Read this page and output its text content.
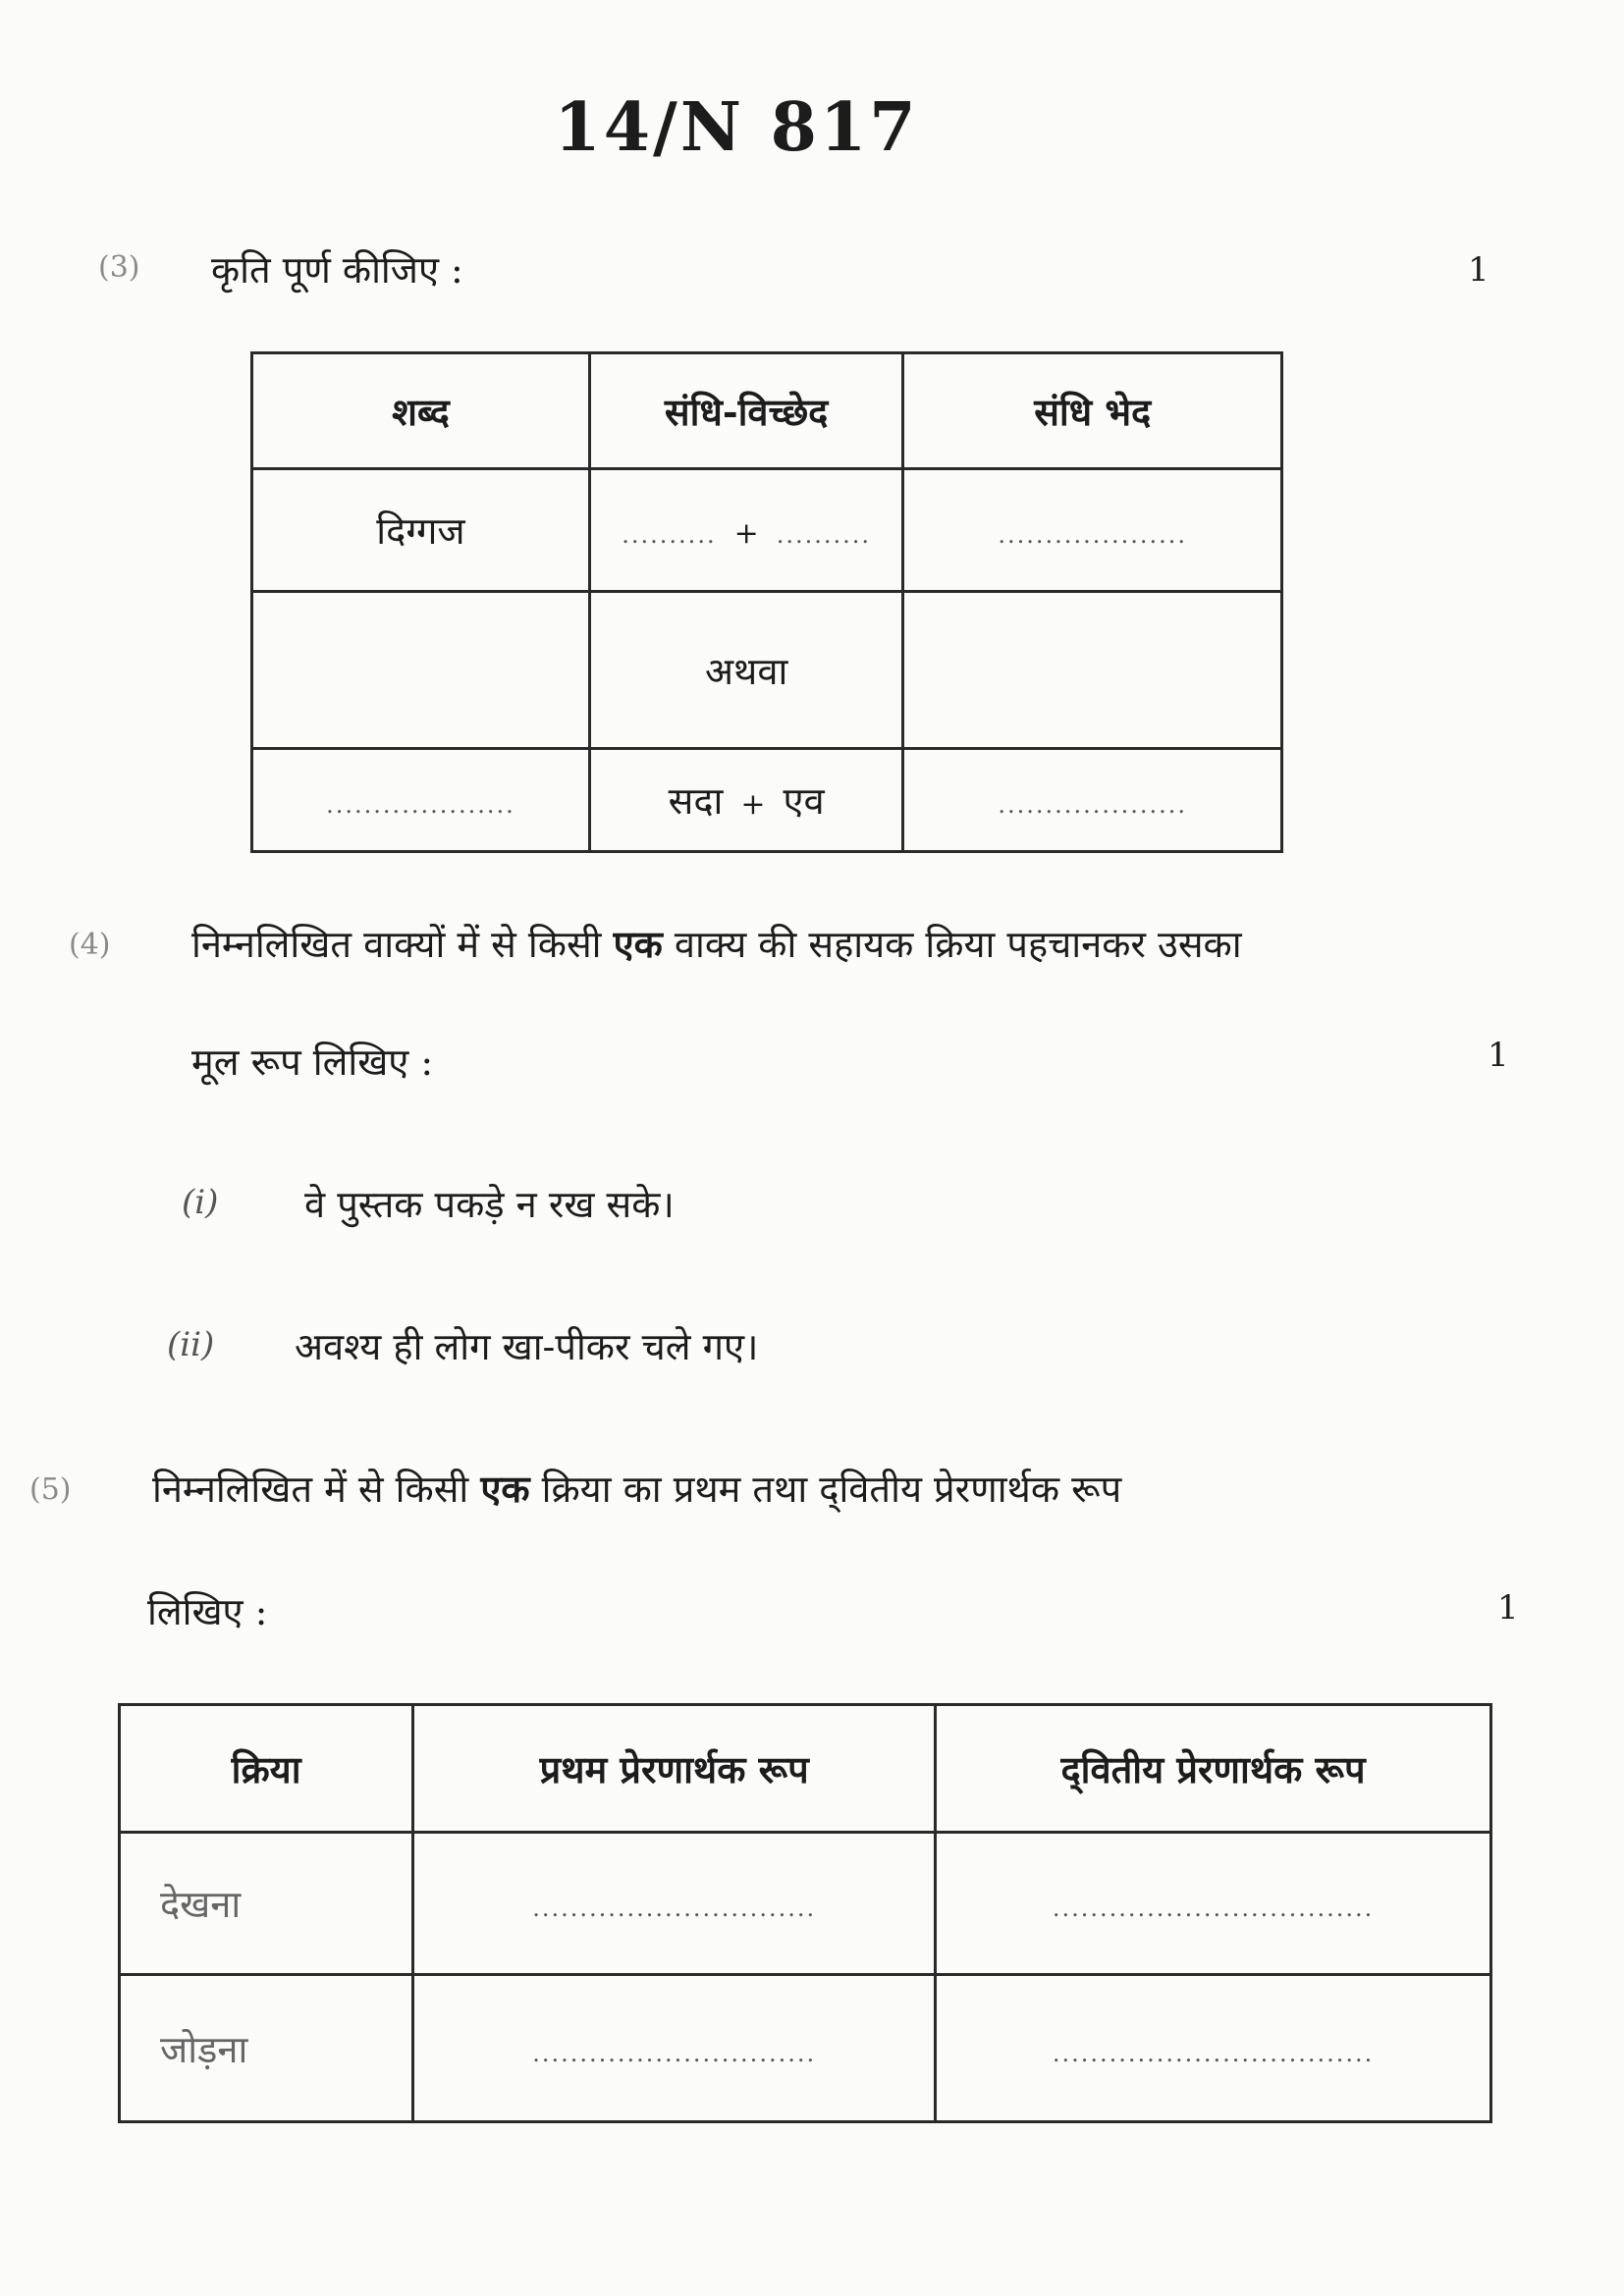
14/N 817
(3) कृति पूर्ण कीजिए :	1
शब्द	संधि-विच्छेद	संधि भेद
दिग्गज	.......... + ..........	....................
	अथवा	
....................	सदा + एव	....................
(4) निम्नलिखित वाक्यों में से किसी एक वाक्य की सहायक क्रिया पहचानकर उसका
मूल रूप लिखिए :	1
(i) वे पुस्तक पकड़े न रख सके।
(ii) अवश्य ही लोग खा-पीकर चले गए।
(5) निम्नलिखित में से किसी एक क्रिया का प्रथम तथा द्‌वितीय प्रेरणार्थक रूप
लिखिए :	1
क्रिया	प्रथम प्रेरणार्थक रूप	द्‌वितीय प्रेरणार्थक रूप
देखना	..............................	..................................
जोड़ना	..............................	..................................
